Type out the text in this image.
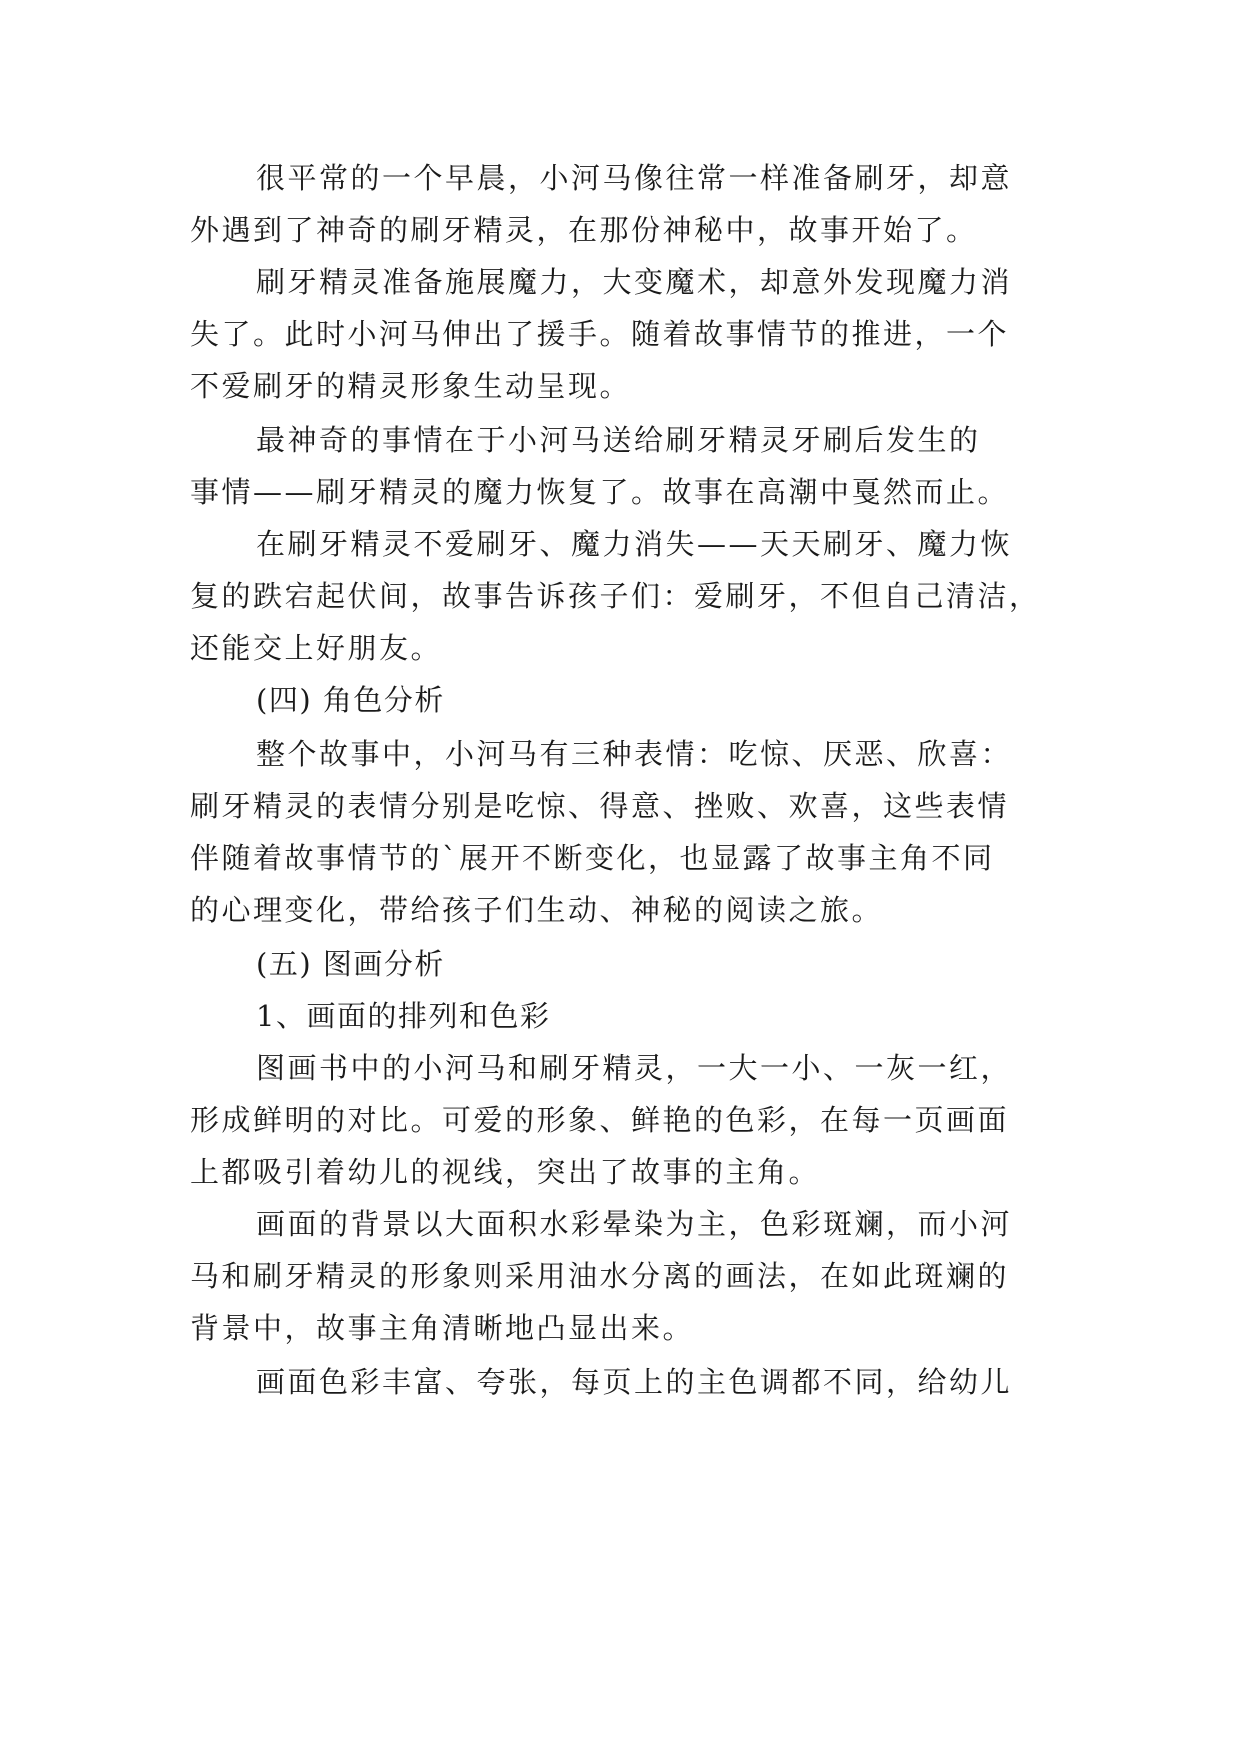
很平常的一个早晨，小河马像往常一样准备刷牙，却意
外遇到了神奇的刷牙精灵，在那份神秘中，故事开始了。
刷牙精灵准备施展魔力，大变魔术，却意外发现魔力消
失了。此时小河马伸出了援手。随着故事情节的推进，一个
不爱刷牙的精灵形象生动呈现。
最神奇的事情在于小河马送给刷牙精灵牙刷后发生的
事情——刷牙精灵的魔力恢复了。故事在高潮中戛然而止。
在刷牙精灵不爱刷牙、魔力消失——天天刷牙、魔力恢
复的跌宕起伏间，故事告诉孩子们：爱刷牙，不但自己清洁，
还能交上好朋友。
(四) 角色分析
整个故事中，小河马有三种表情：吃惊、厌恶、欣喜：
刷牙精灵的表情分别是吃惊、得意、挫败、欢喜，这些表情
伴随着故事情节的`展开不断变化，也显露了故事主角不同
的心理变化，带给孩子们生动、神秘的阅读之旅。
(五) 图画分析
1、画面的排列和色彩
图画书中的小河马和刷牙精灵，一大一小、一灰一红，
形成鲜明的对比。可爱的形象、鲜艳的色彩，在每一页画面
上都吸引着幼儿的视线，突出了故事的主角。
画面的背景以大面积水彩晕染为主，色彩斑斓，而小河
马和刷牙精灵的形象则采用油水分离的画法，在如此斑斓的
背景中，故事主角清晰地凸显出来。
画面色彩丰富、夸张，每页上的主色调都不同，给幼儿
